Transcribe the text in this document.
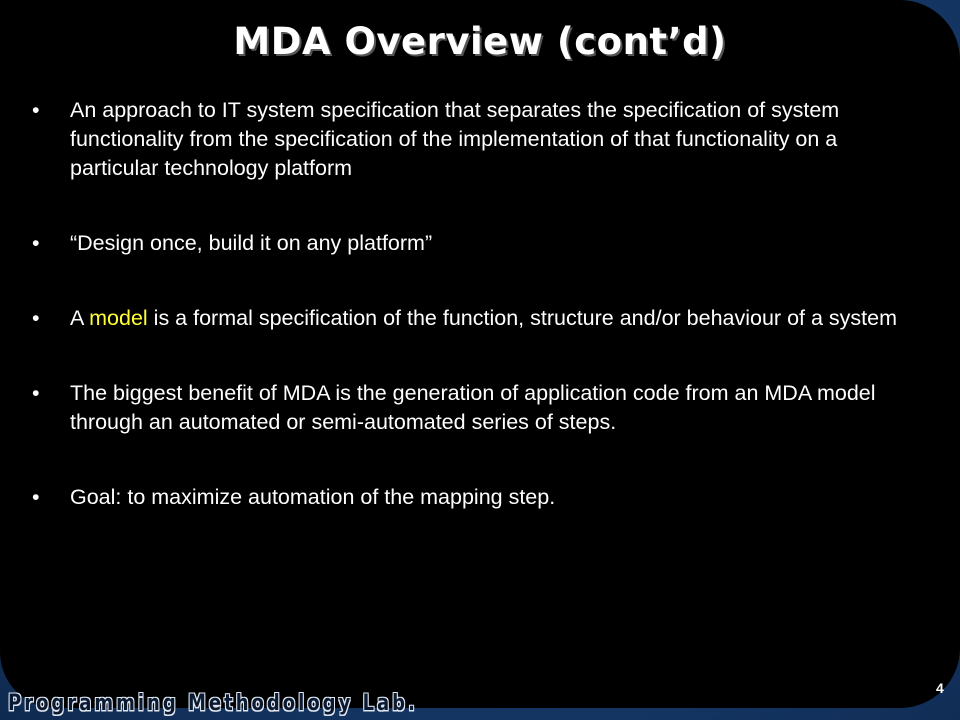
MDA Overview (cont’d)
• An approach to IT system specification that separates the specification of system functionality from the specification of the implementation of that functionality on a particular technology platform
• “Design once, build it on any platform”
• A model is a formal specification of the function, structure and/or behaviour of a system
• The biggest benefit of MDA is the generation of application code from an MDA model through an automated or semi-automated series of steps.
• Goal: to maximize automation of the mapping step.
Programming Methodology Lab.
4
